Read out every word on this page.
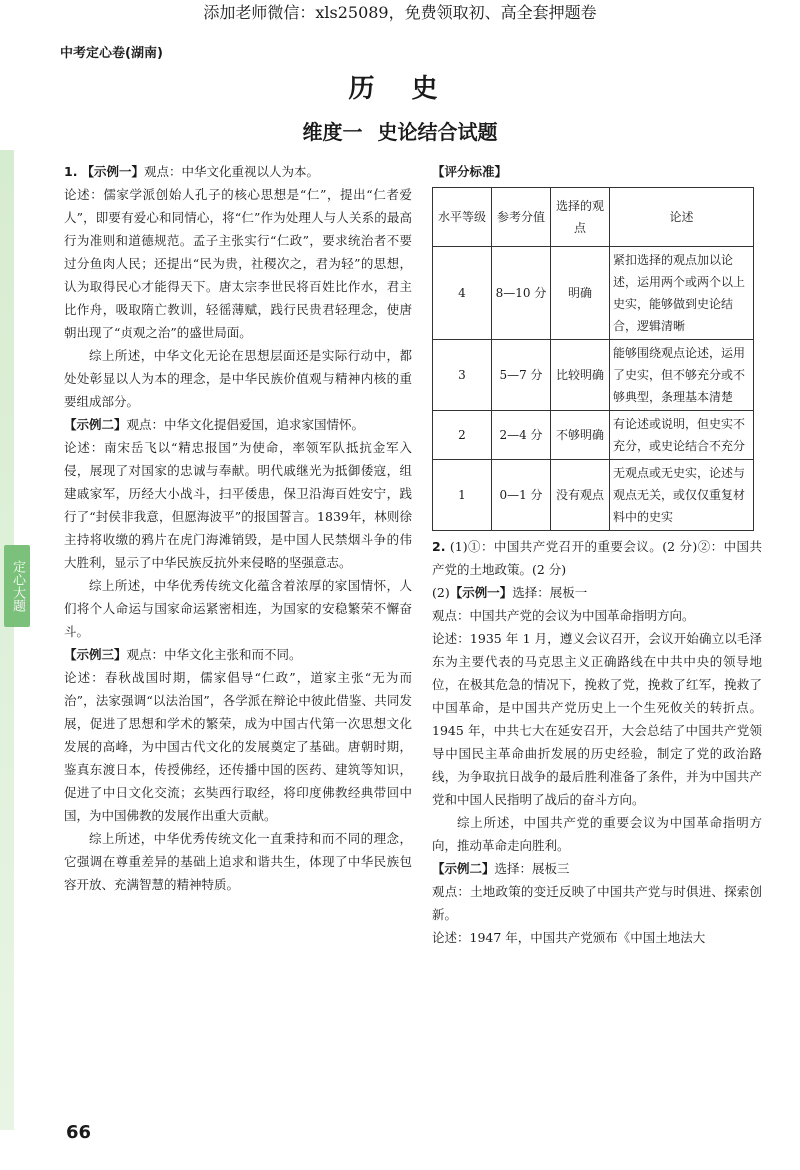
添加老师微信：xls25089，免费领取初、高全套押题卷
中考定心卷(湖南)
历 史
维度一 史论结合试题
定心大题

1. 【示例一】观点：中华文化重视以人为本。

论述：儒家学派创始人孔子的核心思想是“仁”，提出“仁者爱人”，即要有爱心和同情心，将“仁”作为处理人与人关系的最高行为准则和道德规范。孟子主张实行“仁政”，要求统治者不要过分鱼肉人民；还提出“民为贵，社稷次之，君为轻”的思想，认为取得民心才能得天下。唐太宗李世民将百姓比作水，君主比作舟，吸取隋亡教训，轻徭薄赋，践行民贵君轻理念，使唐朝出现了“贞观之治”的盛世局面。

综上所述，中华文化无论在思想层面还是实际行动中，都处处彰显以人为本的理念，是中华民族价值观与精神内核的重要组成部分。

【示例二】观点：中华文化提倡爱国，追求家国情怀。

论述：南宋岳飞以“精忠报国”为使命，率领军队抵抗金军入侵，展现了对国家的忠诚与奉献。明代戚继光为抵御倭寇，组建戚家军，历经大小战斗，扫平倭患，保卫沿海百姓安宁，践行了“封侯非我意，但愿海波平”的报国誓言。1839年，林则徐主持将收缴的鸦片在虎门海滩销毁，是中国人民禁烟斗争的伟大胜利，显示了中华民族反抗外来侵略的坚强意志。

综上所述，中华优秀传统文化蕴含着浓厚的家国情怀，人们将个人命运与国家命运紧密相连，为国家的安稳繁荣不懈奋斗。

【示例三】观点：中华文化主张和而不同。

论述：春秋战国时期，儒家倡导“仁政”，道家主张“无为而治”，法家强调“以法治国”，各学派在辩论中彼此借鉴、共同发展，促进了思想和学术的繁荣，成为中国古代第一次思想文化发展的高峰，为中国古代文化的发展奠定了基础。唐朝时期，鉴真东渡日本，传授佛经，还传播中国的医药、建筑等知识，促进了中日文化交流；玄奘西行取经，将印度佛教经典带回中国，为中国佛教的发展作出重大贡献。

综上所述，中华优秀传统文化一直秉持和而不同的理念，它强调在尊重差异的基础上追求和谐共生，体现了中华民族包容开放、充满智慧的精神特质。

【评分标准】

水平等级	参考分值	选择的观点	论述
4	8—10 分	明确	紧扣选择的观点加以论述，运用两个或两个以上史实，能够做到史论结合，逻辑清晰
3	5—7 分	比较明确	能够围绕观点论述，运用了史实，但不够充分或不够典型，条理基本清楚
2	2—4 分	不够明确	有论述或说明，但史实不充分，或史论结合不充分
1	0—1 分	没有观点	无观点或无史实，论述与观点无关，或仅仅重复材料中的史实

2. (1)①：中国共产党召开的重要会议。(2 分)②：中国共产党的土地政策。(2 分)

(2)【示例一】选择：展板一

观点：中国共产党的会议为中国革命指明方向。

论述：1935 年 1 月，遵义会议召开，会议开始确立以毛泽东为主要代表的马克思主义正确路线在中共中央的领导地位，在极其危急的情况下，挽救了党，挽救了红军，挽救了中国革命，是中国共产党历史上一个生死攸关的转折点。1945 年，中共七大在延安召开，大会总结了中国共产党领导中国民主革命曲折发展的历史经验，制定了党的政治路线，为争取抗日战争的最后胜利准备了条件，并为中国共产党和中国人民指明了战后的奋斗方向。

综上所述，中国共产党的重要会议为中国革命指明方向，推动革命走向胜利。

【示例二】选择：展板三

观点：土地政策的变迁反映了中国共产党与时俱进、探索创新。

论述：1947 年，中国共产党颁布《中国土地法大

66
